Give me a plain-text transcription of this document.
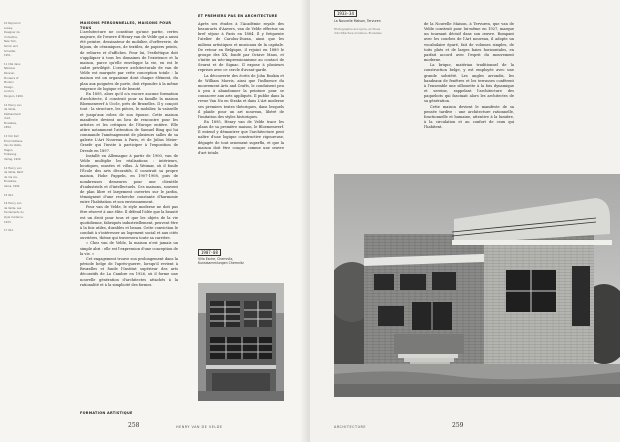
10 Raymond Loewy, Designer de l'industrie, New York, Simon and Schuster, 1951.
11 Cité dans Nikolaus Pevsner, Pioneers of Modern Design, London, Penguin, 1960.
12 Henry van de Velde, Déblaiement d'art, Bruxelles, 1894.
13 Voir Karl Ernst Osthaus, Van de Velde, Hagen, Folkwang Verlag, 1920.
14 Henry van de Velde, Récit de ma vie, Bruxelles, Versa, 1992.
15 Ibid.
16 Henry van de Velde, Les fondements du style moderne, 1933.
17 Ibid.
MAISONS PERSONNELLES, MAISONS POUR TOUS

L'architecture ne constitue qu'une partie, certes majeure, de l'œuvre d'Henry van de Velde qui a aussi été peintre, dessinateur de mobilier, d'orfèvrerie, de bijoux, de céramiques, de textiles, de papiers peints, de reliures et d'affiches. Pour lui, l'esthétique doit s'appliquer à tous les domaines de l'existence et la maison, parce qu'elle enveloppe la vie, en est le cadre privilégié. L'œuvre architecturale de van de Velde est marquée par cette conception totale : la maison est un organisme dont chaque élément, du plan aux poignées de porte, doit répondre à la même exigence de logique et de beauté.

En 1895, alors qu'il n'a encore aucune formation d'architecte, il construit pour sa famille la maison Bloemenwerf à Uccle, près de Bruxelles. Il y conçoit tout : la structure, les pièces, le mobilier, la vaisselle et jusqu'aux robes de son épouse. Cette maison manifeste devient un lieu de rencontre pour les artistes et les critiques de l'Europe entière. Elle attire notamment l'attention de Samuel Bing qui lui commande l'aménagement de plusieurs salles de sa galerie L'Art Nouveau à Paris, et de Julius Meier-Graefe qui l'invite à participer à l'exposition de Dresde en 1897.

Installé en Allemagne à partir de 1900, van de Velde multiplie les réalisations : intérieurs, boutiques, musées et villas. À Weimar, où il fonde l'École des arts décoratifs, il construit sa propre maison, Hohe Pappeln, en 1907-1908, puis de nombreuses demeures pour une clientèle d'industriels et d'intellectuels. Ces maisons, souvent de plan libre et largement ouvertes sur le jardin, témoignent d'une recherche constante d'harmonie entre l'habitation et son environnement.

Pour van de Velde, le style moderne ne doit pas être réservé à une élite. Il défend l'idée que la beauté est un droit pour tous et que les objets de la vie quotidienne, fabriqués industriellement, peuvent être à la fois utiles, durables et beaux. Cette conviction le conduit à s'intéresser au logement social et aux cités ouvrières, thème qui traversera toute sa carrière.

« Chez van de Velde, la maison n'est jamais un simple abri : elle est l'expression d'une conception de la vie. »

Cet engagement trouve son prolongement dans la période belge de l'après-guerre, lorsqu'il revient à Bruxelles et fonde l'Institut supérieur des arts décoratifs de La Cambre en 1926, où il forme une nouvelle génération d'architectes attachés à la rationalité et à la simplicité des formes.

FORMATION ARTISTIQUE
ET PREMIERS PAS EN ARCHITECTURE

Après ses études à l'Académie royale des beaux-arts d'Anvers, van de Velde effectue un bref séjour à Paris en 1884. Il y fréquente l'atelier de Carolus-Duran, ainsi que les milieux artistiques et musicaux de la capitale. De retour en Belgique, il rejoint en 1889 le groupe des XX, fondé par Octave Maus, et s'initie au néo-impressionnisme au contact de Seurat et de Signac. Il expose à plusieurs reprises avec ce cercle d'avant-garde.

La découverte des écrits de John Ruskin et de William Morris, ainsi que l'influence du mouvement Arts and Crafts, le conduisent peu à peu à abandonner la peinture pour se consacrer aux arts appliqués. Il publie dans la revue Van Nu en Straks et dans L'Art moderne ses premiers textes théoriques, dans lesquels il plaide pour un art nouveau, libéré de l'imitation des styles historiques.

En 1895, Henry van de Velde trace les plans de sa première maison, le Bloemenwerf. Il entend y démontrer que l'architecture peut naître d'une logique constructive rigoureuse, dégagée de tout ornement superflu, et que la maison doit être conçue comme une œuvre d'art totale.

1907-08
Villa Esche, Chemnitz, Kunstsammlungen Chemnitz
258	HENRY VAN DE VELDE
1933-34
La Nouvelle Maison, Tervuren
Photographie anonyme, archives d'architecture moderne, Bruxelles

de la Nouvelle Maison, à Tervuren, que van de Velde construit pour lui-même en 1927, marque un tournant décisif dans son œuvre. Rompant avec les courbes de l'Art nouveau, il adopte un vocabulaire épuré, fait de volumes simples, de toits plats et de larges baies horizontales, en parfait accord avec l'esprit du mouvement moderne.

La brique, matériau traditionnel de la construction belge, y est employée avec une grande sobriété. Les angles arrondis, les bandeaux de fenêtres et les terrasses confèrent à l'ensemble une silhouette à la fois dynamique et sereine, rappelant l'architecture des paquebots qui fascinait alors les architectes de sa génération.

Cette maison devient le manifeste de sa pensée tardive : une architecture rationnelle, fonctionnelle et humaine, attentive à la lumière, à la circulation et au confort de ceux qui l'habitent.

ARCHITECTURE	259
